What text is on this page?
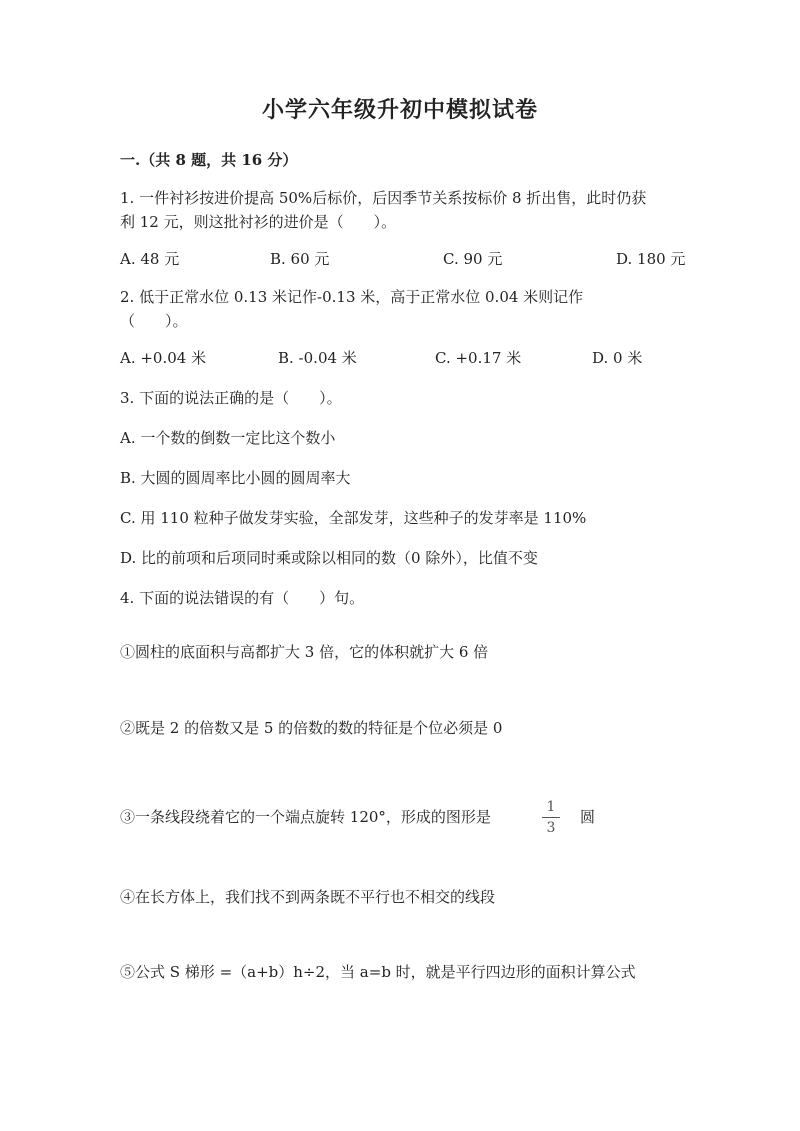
小学六年级升初中模拟试卷
一.（共 8 题，共 16 分）
1. 一件衬衫按进价提高 50%后标价，后因季节关系按标价 8 折出售，此时仍获
利 12 元，则这批衬衫的进价是（　　）。
A. 48 元	B. 60 元	C. 90 元	D. 180 元
2. 低于正常水位 0.13 米记作-0.13 米，高于正常水位 0.04 米则记作
（　　）。
A. +0.04 米	B. -0.04 米	C. +0.17 米	D. 0 米
3. 下面的说法正确的是（　　）。
A. 一个数的倒数一定比这个数小
B. 大圆的圆周率比小圆的圆周率大
C. 用 110 粒种子做发芽实验，全部发芽，这些种子的发芽率是 110%
D. 比的前项和后项同时乘或除以相同的数（0 除外），比值不变
4. 下面的说法错误的有（　　）句。
①圆柱的底面积与高都扩大 3 倍，它的体积就扩大 6 倍
②既是 2 的倍数又是 5 的倍数的数的特征是个位必须是 0
③一条线段绕着它的一个端点旋转 120°，形成的图形是
1
3
圆
④在长方体上，我们找不到两条既不平行也不相交的线段
⑤公式 S 梯形 =（a+b）h÷2，当 a=b 时，就是平行四边形的面积计算公式
